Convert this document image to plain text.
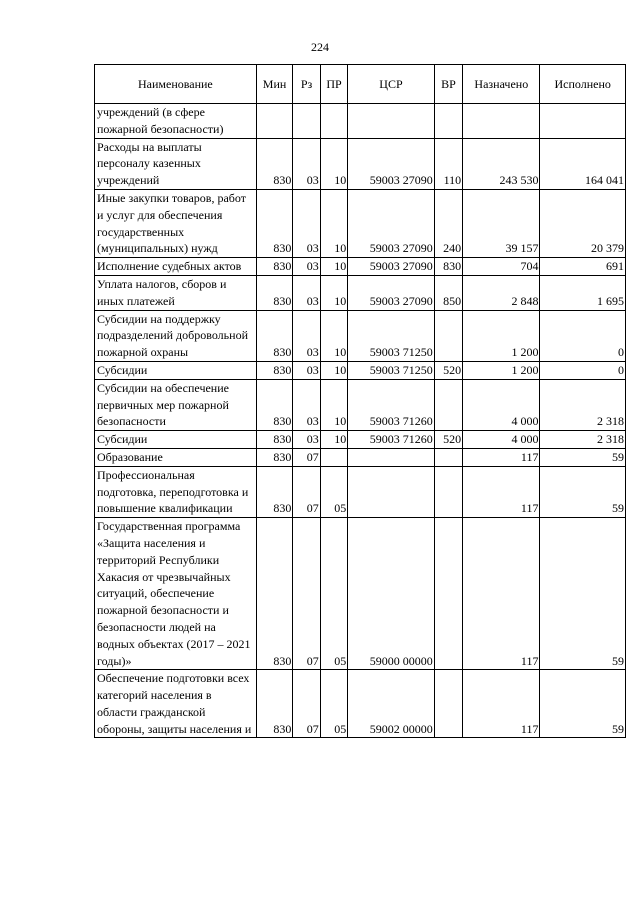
224
Наименование	Мин	Рз	ПР	ЦСР	ВР	Назначено	Исполнено
учреждений (в сфере пожарной безопасности)							
Расходы на выплаты персоналу казенных учреждений	830	03	10	59003 27090	110	243 530	164 041
Иные закупки товаров, работ и услуг для обеспечения государственных (муниципальных) нужд	830	03	10	59003 27090	240	39 157	20 379
Исполнение судебных актов	830	03	10	59003 27090	830	704	691
Уплата налогов, сборов и иных платежей	830	03	10	59003 27090	850	2 848	1 695
Субсидии на поддержку подразделений добровольной пожарной охраны	830	03	10	59003 71250		1 200	0
Субсидии	830	03	10	59003 71250	520	1 200	0
Субсидии на обеспечение первичных мер пожарной безопасности	830	03	10	59003 71260		4 000	2 318
Субсидии	830	03	10	59003 71260	520	4 000	2 318
Образование	830	07				117	59
Профессиональная подготовка, переподготовка и повышение квалификации	830	07	05			117	59
Государственная программа «Защита населения и территорий Республики Хакасия от чрезвычайных ситуаций, обеспечение пожарной безопасности и безопасности людей на водных объектах (2017 – 2021 годы)»	830	07	05	59000 00000		117	59
Обеспечение подготовки всех категорий населения в области гражданской обороны, защиты населения и	830	07	05	59002 00000		117	59
